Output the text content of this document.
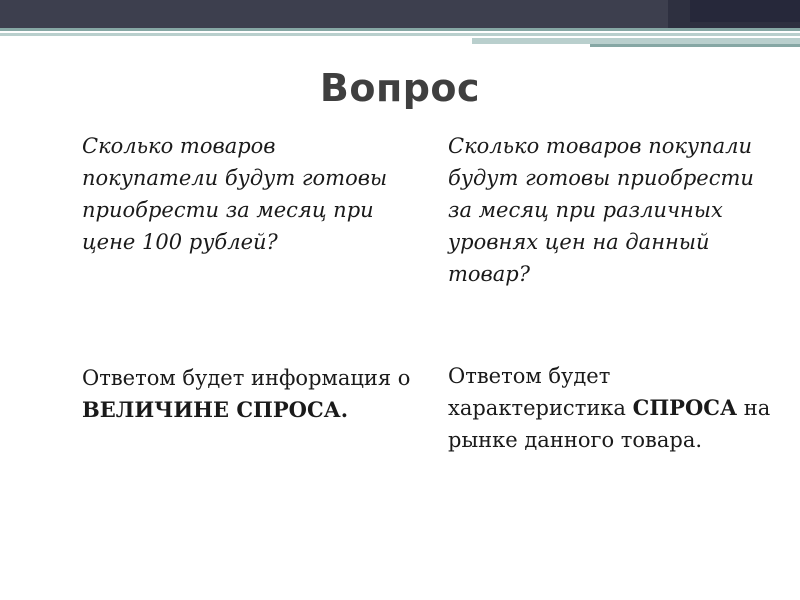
Вопрос

Сколько товаров покупатели будут готовы приобрести за месяц при цене 100 рублей?

Ответом будет информация о ВЕЛИЧИНЕ СПРОСА.

Сколько товаров покупали будут готовы приобрести за месяц при различных уровнях цен на данный товар?

Ответом будет характеристика СПРОСА на рынке данного товара.
